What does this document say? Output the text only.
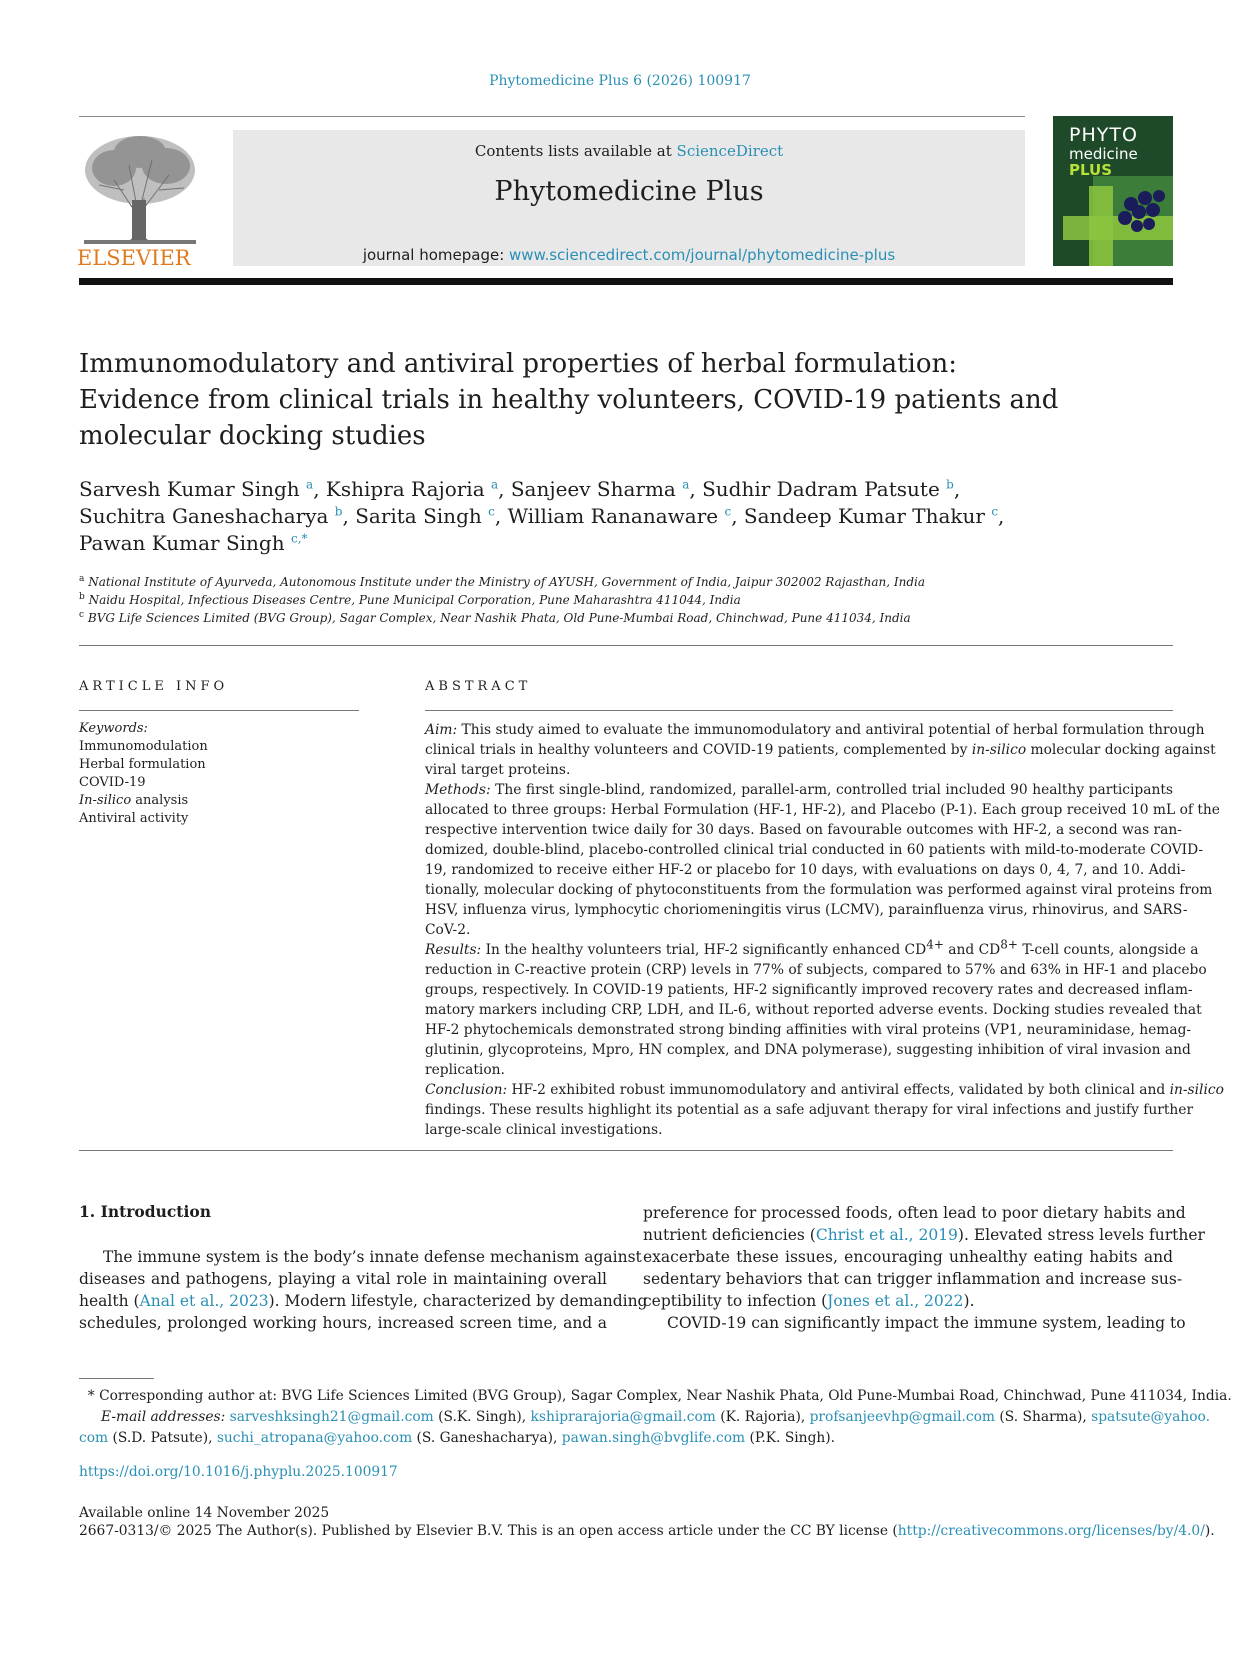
Phytomedicine Plus 6 (2026) 100917
ELSEVIER
Contents lists available at ScienceDirect
Phytomedicine Plus
journal homepage: www.sciencedirect.com/journal/phytomedicine-plus
PHYTO
medicine
PLUS
Immunomodulatory and antiviral properties of herbal formulation:
Evidence from clinical trials in healthy volunteers, COVID-19 patients and
molecular docking studies
Sarvesh Kumar Singh $^a$, Kshipra Rajoria $^a$, Sanjeev Sharma $^a$, Sudhir Dadram Patsute $^b$,
Suchitra Ganeshacharya $^b$, Sarita Singh $^c$, William Rananaware $^c$, Sandeep Kumar Thakur $^c$,
Pawan Kumar Singh $^{c,*}$
$^a$ National Institute of Ayurveda, Autonomous Institute under the Ministry of AYUSH, Government of India, Jaipur 302002 Rajasthan, India
$^b$ Naidu Hospital, Infectious Diseases Centre, Pune Municipal Corporation, Pune Maharashtra 411044, India
$^c$ BVG Life Sciences Limited (BVG Group), Sagar Complex, Near Nashik Phata, Old Pune-Mumbai Road, Chinchwad, Pune 411034, India
ARTICLE INFO	ABSTRACT
Keywords:
Immunomodulation
Herbal formulation
COVID-19
In-silico analysis
Antiviral activity
Aim: This study aimed to evaluate the immunomodulatory and antiviral potential of herbal formulation through
clinical trials in healthy volunteers and COVID-19 patients, complemented by in-silico molecular docking against
viral target proteins.
Methods: The first single-blind, randomized, parallel-arm, controlled trial included 90 healthy participants
allocated to three groups: Herbal Formulation (HF-1, HF-2), and Placebo (P-1). Each group received 10 mL of the
respective intervention twice daily for 30 days. Based on favourable outcomes with HF-2, a second was ran-
domized, double-blind, placebo-controlled clinical trial conducted in 60 patients with mild-to-moderate COVID-
19, randomized to receive either HF-2 or placebo for 10 days, with evaluations on days 0, 4, 7, and 10. Addi-
tionally, molecular docking of phytoconstituents from the formulation was performed against viral proteins from
HSV, influenza virus, lymphocytic choriomeningitis virus (LCMV), parainfluenza virus, rhinovirus, and SARS-
CoV-2.
Results: In the healthy volunteers trial, HF-2 significantly enhanced $CD^{4+}$ and $CD^{8+}$ T-cell counts, alongside a
reduction in C-reactive protein (CRP) levels in 77% of subjects, compared to 57% and 63% in HF-1 and placebo
groups, respectively. In COVID-19 patients, HF-2 significantly improved recovery rates and decreased inflam-
matory markers including CRP, LDH, and IL-6, without reported adverse events. Docking studies revealed that
HF-2 phytochemicals demonstrated strong binding affinities with viral proteins (VP1, neuraminidase, hemag-
glutinin, glycoproteins, Mpro, HN complex, and DNA polymerase), suggesting inhibition of viral invasion and
replication.
Conclusion: HF-2 exhibited robust immunomodulatory and antiviral effects, validated by both clinical and in-silico
findings. These results highlight its potential as a safe adjuvant therapy for viral infections and justify further
large-scale clinical investigations.
1. Introduction
The immune system is the body’s innate defense mechanism against
diseases and pathogens, playing a vital role in maintaining overall
health (Anal et al., 2023). Modern lifestyle, characterized by demanding
schedules, prolonged working hours, increased screen time, and a
preference for processed foods, often lead to poor dietary habits and
nutrient deficiencies (Christ et al., 2019). Elevated stress levels further
exacerbate these issues, encouraging unhealthy eating habits and
sedentary behaviors that can trigger inflammation and increase sus-
ceptibility to infection (Jones et al., 2022).
COVID-19 can significantly impact the immune system, leading to
* Corresponding author at: BVG Life Sciences Limited (BVG Group), Sagar Complex, Near Nashik Phata, Old Pune-Mumbai Road, Chinchwad, Pune 411034, India.
E-mail addresses: sarveshksingh21@gmail.com (S.K. Singh), kshiprarajoria@gmail.com (K. Rajoria), profsanjeevhp@gmail.com (S. Sharma), spatsute@yahoo.
com (S.D. Patsute), suchi_atropana@yahoo.com (S. Ganeshacharya), pawan.singh@bvglife.com (P.K. Singh).
https://doi.org/10.1016/j.phyplu.2025.100917
Available online 14 November 2025
2667-0313/© 2025 The Author(s). Published by Elsevier B.V. This is an open access article under the CC BY license (http://creativecommons.org/licenses/by/4.0/).
